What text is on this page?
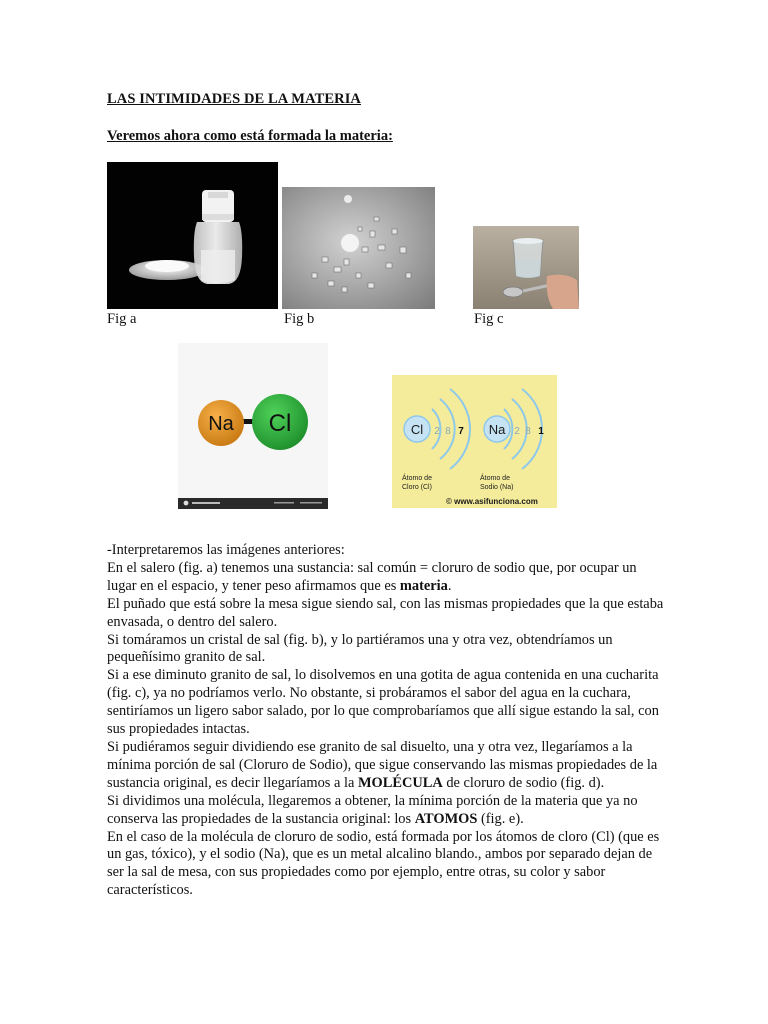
LAS INTIMIDADES DE LA MATERIA
Veremos ahora como está formada la materia:
Fig a	Fig b	Fig c
Na Cl	Cl	Na
2 8 7	2 8 1
Átomo de
Cloro (Cl)
Átomo de
Sodio (Na)
© www.asifunciona.com

-Interpretaremos las imágenes anteriores:

En el salero (fig. a) tenemos una sustancia: sal común = cloruro de sodio que, por ocupar un lugar en el espacio, y tener peso afirmamos que es materia.

El puñado que está sobre la mesa sigue siendo sal, con las mismas propiedades que la que estaba envasada, o dentro del salero.

Si tomáramos un cristal de sal (fig. b), y lo partiéramos una y otra vez, obtendríamos un pequeñísimo granito de sal.

Si a ese diminuto granito de sal, lo disolvemos en una gotita de agua contenida en una cucharita (fig. c), ya no podríamos verlo. No obstante, si probáramos el sabor del agua en la cuchara, sentiríamos un ligero sabor salado, por lo que comprobaríamos que allí sigue estando la sal, con sus propiedades intactas.

Si pudiéramos seguir dividiendo ese granito de sal disuelto, una y otra vez, llegaríamos a la mínima porción de sal (Cloruro de Sodio), que sigue conservando las mismas propiedades de la sustancia original, es decir llegaríamos a la MOLÉCULA de cloruro de sodio (fig. d).

Si dividimos una molécula, llegaremos a obtener, la mínima porción de la materia que ya no conserva las propiedades de la sustancia original: los ATOMOS (fig. e).

En el caso de la molécula de cloruro de sodio, está formada por los átomos de cloro (Cl) (que es un gas, tóxico), y el sodio (Na), que es un metal alcalino blando., ambos por separado dejan de ser la sal de mesa, con sus propiedades como por ejemplo, entre otras, su color y sabor característicos.
